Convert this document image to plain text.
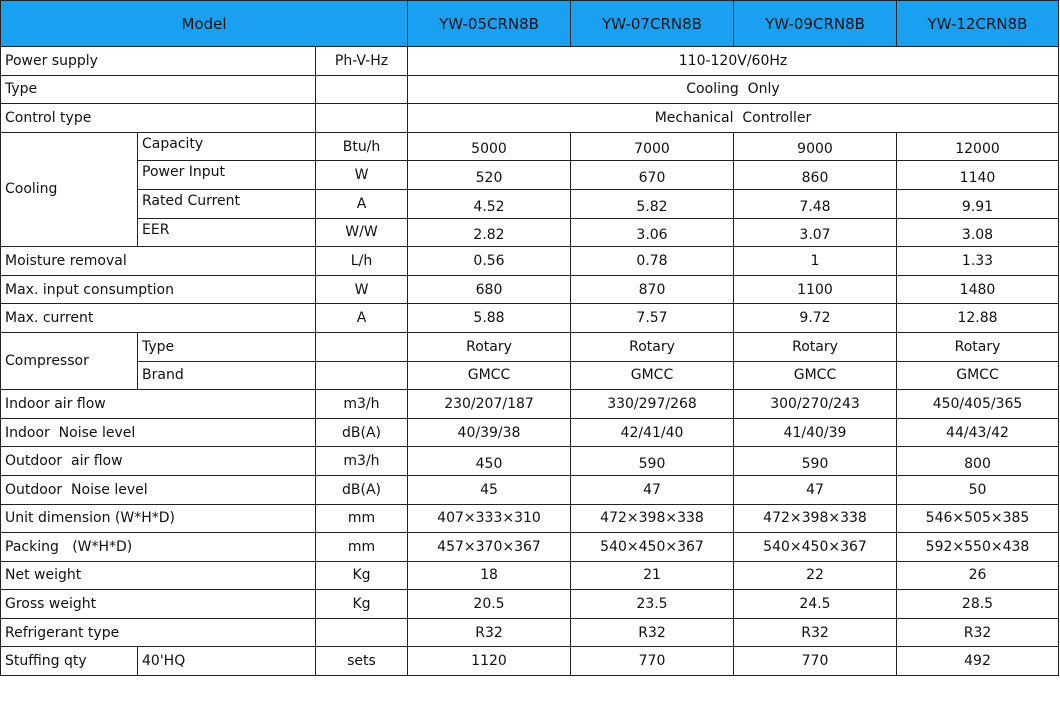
Model			YW-05CRN8B	YW-07CRN8B	YW-09CRN8B	YW-12CRN8B
Power supply		Ph-V-Hz	110-120V/60Hz			
Type			Cooling  Only			
Control type			Mechanical  Controller			
Cooling	Capacity	Btu/h	5000	7000	9000	12000
	Power Input	W	520	670	860	1140
	Rated Current	A	4.52	5.82	7.48	9.91
	EER	W/W	2.82	3.06	3.07	3.08
Moisture removal		L/h	0.56	0.78	1	1.33
Max. input consumption		W	680	870	1100	1480
Max. current		A	5.88	7.57	9.72	12.88
Compressor	Type		Rotary	Rotary	Rotary	Rotary
	Brand		GMCC	GMCC	GMCC	GMCC
Indoor air flow		m3/h	230/207/187	330/297/268	300/270/243	450/405/365
Indoor  Noise level		dB(A)	40/39/38	42/41/40	41/40/39	44/43/42
Outdoor  air flow		m3/h	450	590	590	800
Outdoor  Noise level		dB(A)	45	47	47	50
Unit dimension (W*H*D)		mm	407×333×310	472×398×338	472×398×338	546×505×385
Packing   (W*H*D)		mm	457×370×367	540×450×367	540×450×367	592×550×438
Net weight		Kg	18	21	22	26
Gross weight		Kg	20.5	23.5	24.5	28.5
Refrigerant type			R32	R32	R32	R32
Stuffing qty	40'HQ	sets	1120	770	770	492
